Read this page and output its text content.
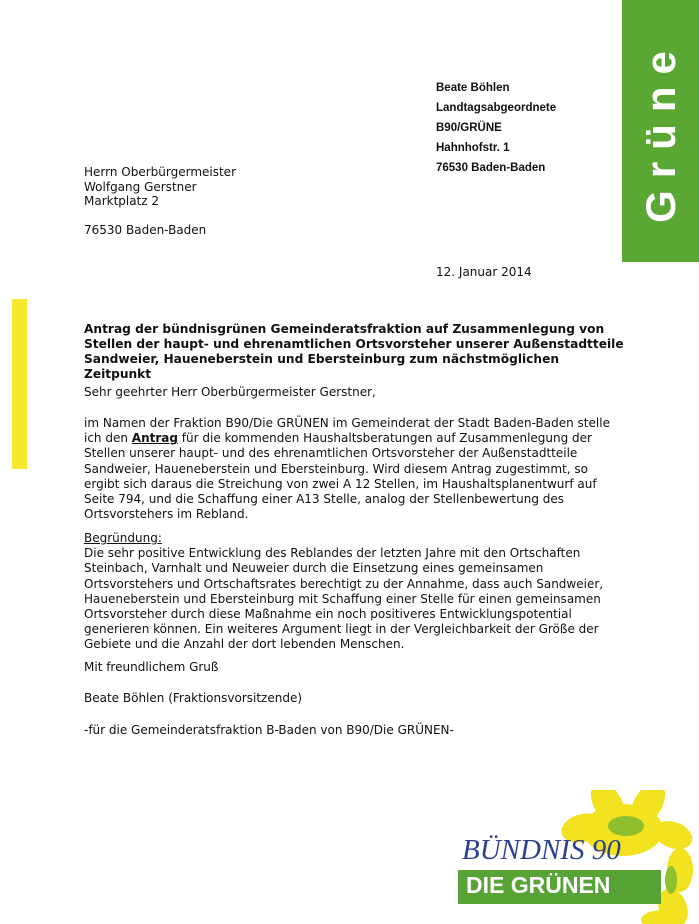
Grüne
Beate Böhlen
Landtagsabgeordnete
B90/GRÜNE
Hahnhofstr. 1
76530 Baden-Baden
Herrn Oberbürgermeister
Wolfgang Gerstner
Marktplatz 2
76530 Baden-Baden
12. Januar 2014
Antrag der bündnisgrünen Gemeinderatsfraktion auf Zusammenlegung von Stellen der haupt- und ehrenamtlichen Ortsvorsteher unserer Außenstadtteile Sandweier, Haueneberstein und Ebersteinburg zum nächstmöglichen Zeitpunkt
Sehr geehrter Herr Oberbürgermeister Gerstner,
im Namen der Fraktion B90/Die GRÜNEN im Gemeinderat der Stadt Baden-Baden stelle ich den Antrag für die kommenden Haushaltsberatungen auf Zusammenlegung der Stellen unserer haupt- und des ehrenamtlichen Ortsvorsteher der Außenstadtteile Sandweier, Haueneberstein und Ebersteinburg. Wird diesem Antrag zugestimmt, so ergibt sich daraus die Streichung von zwei A 12 Stellen, im Haushaltsplanentwurf auf Seite 794, und die Schaffung einer A13 Stelle, analog der Stellenbewertung des Ortsvorstehers im Rebland.
Begründung:
Die sehr positive Entwicklung des Reblandes der letzten Jahre mit den Ortschaften Steinbach, Varnhalt und Neuweier durch die Einsetzung eines gemeinsamen Ortsvorstehers und Ortschaftsrates berechtigt zu der Annahme, dass auch Sandweier, Haueneberstein und Ebersteinburg mit Schaffung einer Stelle für einen gemeinsamen Ortsvorsteher durch diese Maßnahme ein noch positiveres Entwicklungspotential generieren können. Ein weiteres Argument liegt in der Vergleichbarkeit der Größe der Gebiete und die Anzahl der dort lebenden Menschen.
Mit freundlichem Gruß
Beate Böhlen (Fraktionsvorsitzende)
-für die Gemeinderatsfraktion B-Baden von B90/Die GRÜNEN-
BÜNDNIS 90
DIE GRÜNEN
